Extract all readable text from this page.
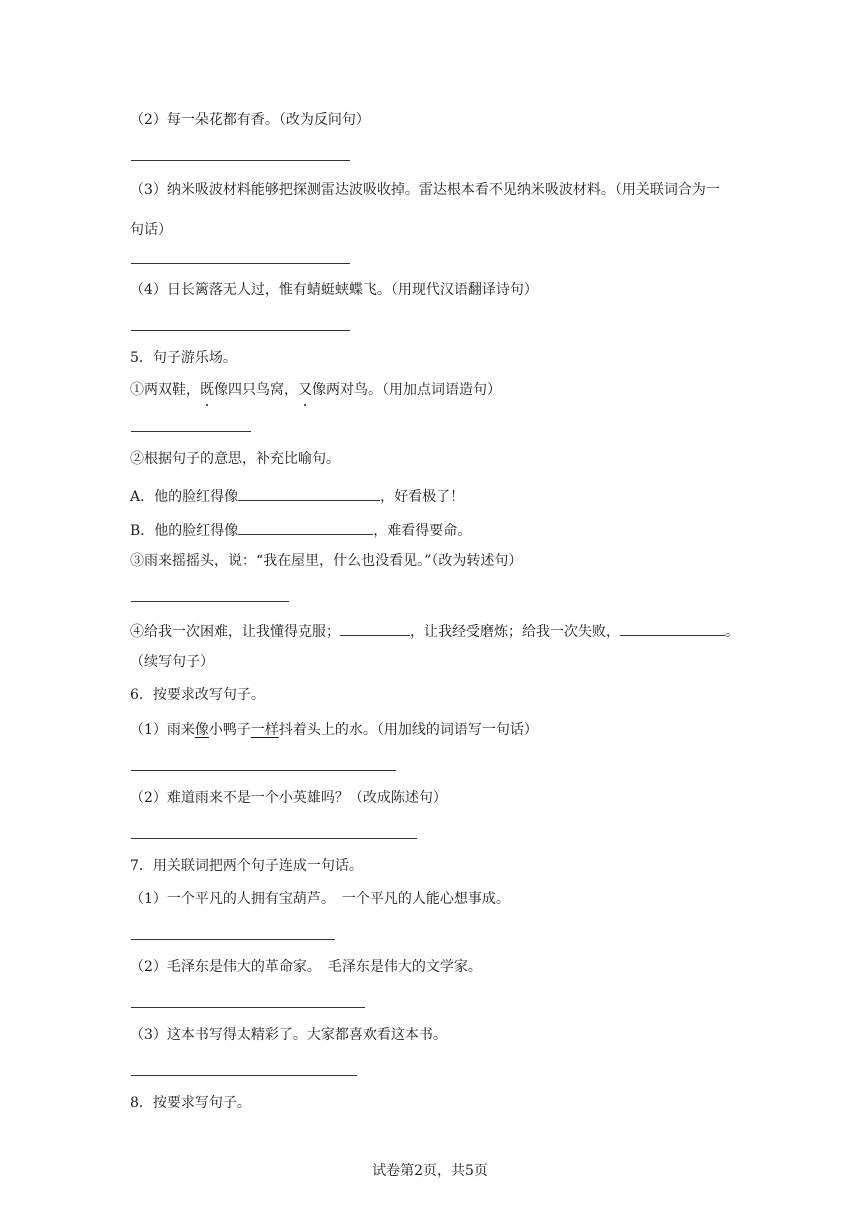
（2）每一朵花都有香。（改为反问句）
（3）纳米吸波材料能够把探测雷达波吸收掉。雷达根本看不见纳米吸波材料。（用关联词合为一句话）
（4）日长篱落无人过，惟有蜻蜓蛱蝶飞。（用现代汉语翻译诗句）
5．句子游乐场。
①两双鞋，既像四只鸟窝，又像两对鸟。（用加点词语造句）
②根据句子的意思，补充比喻句。
A．他的脸红得像	，好看极了！
B．他的脸红得像	，难看得要命。
③雨来摇摇头，说：“我在屋里，什么也没看见。”（改为转述句）
④给我一次困难，让我懂得克服；	，让我经受磨炼；给我一次失败，	。
（续写句子）
6．按要求改写句子。
（1）雨来像小鸭子一样抖着头上的水。（用加线的词语写一句话）
（2）难道雨来不是一个小英雄吗？（改成陈述句）
7．用关联词把两个句子连成一句话。
（1）一个平凡的人拥有宝葫芦。　一个平凡的人能心想事成。
（2）毛泽东是伟大的革命家。　毛泽东是伟大的文学家。
（3）这本书写得太精彩了。大家都喜欢看这本书。
8．按要求写句子。
试卷第2页，共5页
